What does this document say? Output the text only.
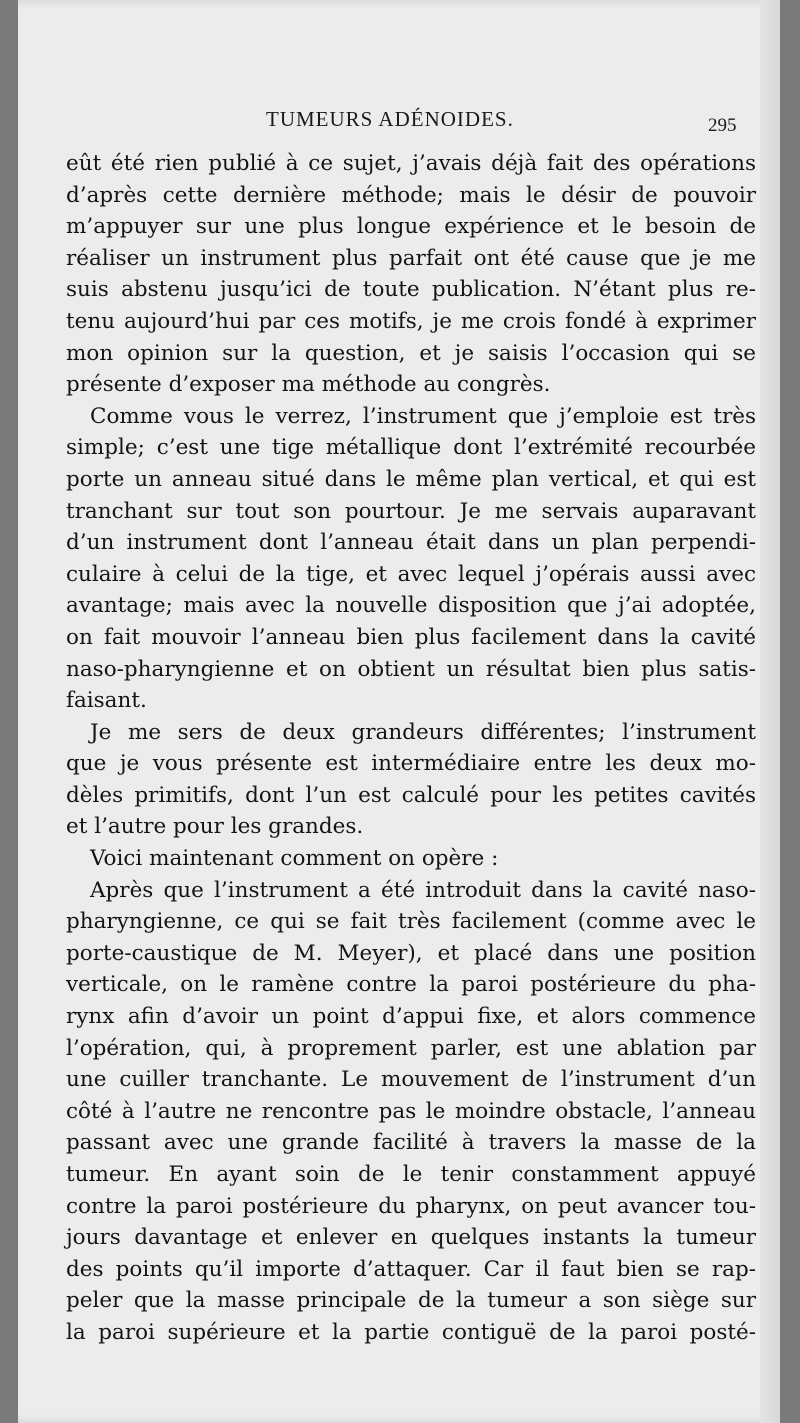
TUMEURS ADÉNOIDES.	295
eût été rien publié à ce sujet, j’avais déjà fait des opérations
d’après cette dernière méthode; mais le désir de pouvoir
m’appuyer sur une plus longue expérience et le besoin de
réaliser un instrument plus parfait ont été cause que je me
suis abstenu jusqu’ici de toute publication. N’étant plus re-
tenu aujourd’hui par ces motifs, je me crois fondé à exprimer
mon opinion sur la question, et je saisis l’occasion qui se
présente d’exposer ma méthode au congrès.
Comme vous le verrez, l’instrument que j’emploie est très
simple; c’est une tige métallique dont l’extrémité recourbée
porte un anneau situé dans le même plan vertical, et qui est
tranchant sur tout son pourtour. Je me servais auparavant
d’un instrument dont l’anneau était dans un plan perpendi-
culaire à celui de la tige, et avec lequel j’opérais aussi avec
avantage; mais avec la nouvelle disposition que j’ai adoptée,
on fait mouvoir l’anneau bien plus facilement dans la cavité
naso-pharyngienne et on obtient un résultat bien plus satis-
faisant.
Je me sers de deux grandeurs différentes; l’instrument
que je vous présente est intermédiaire entre les deux mo-
dèles primitifs, dont l’un est calculé pour les petites cavités
et l’autre pour les grandes.
Voici maintenant comment on opère :
Après que l’instrument a été introduit dans la cavité naso-
pharyngienne, ce qui se fait très facilement (comme avec le
porte-caustique de M. Meyer), et placé dans une position
verticale, on le ramène contre la paroi postérieure du pha-
rynx afin d’avoir un point d’appui fixe, et alors commence
l’opération, qui, à proprement parler, est une ablation par
une cuiller tranchante. Le mouvement de l’instrument d’un
côté à l’autre ne rencontre pas le moindre obstacle, l’anneau
passant avec une grande facilité à travers la masse de la
tumeur. En ayant soin de le tenir constamment appuyé
contre la paroi postérieure du pharynx, on peut avancer tou-
jours davantage et enlever en quelques instants la tumeur
des points qu’il importe d’attaquer. Car il faut bien se rap-
peler que la masse principale de la tumeur a son siège sur
la paroi supérieure et la partie contiguë de la paroi posté-
